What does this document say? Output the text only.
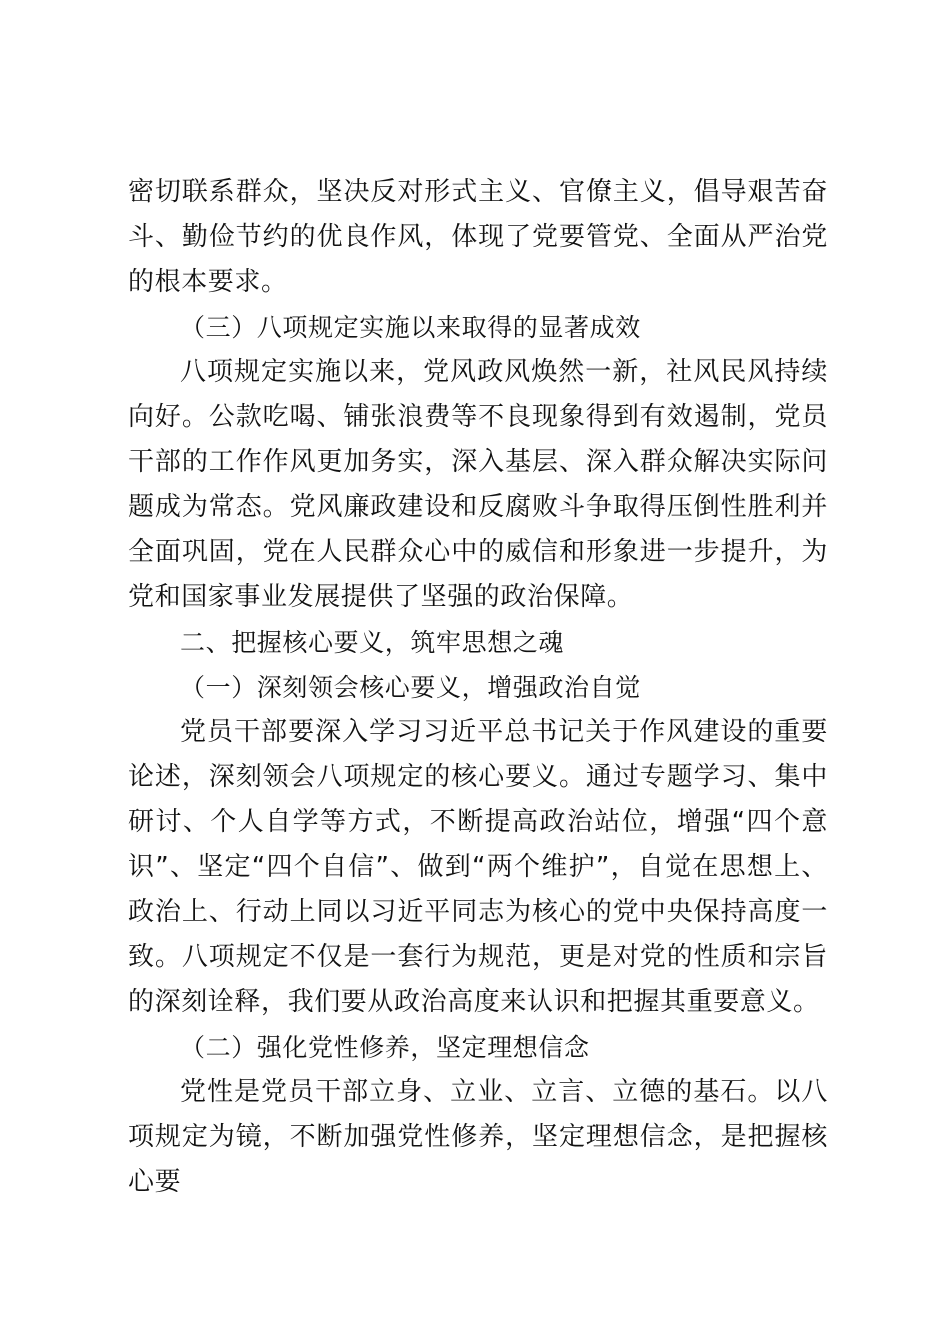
密切联系群众，坚决反对形式主义、官僚主义，倡导艰苦奋斗、勤俭节约的优良作风，体现了党要管党、全面从严治党的根本要求。

（三）八项规定实施以来取得的显著成效

八项规定实施以来，党风政风焕然一新，社风民风持续向好。公款吃喝、铺张浪费等不良现象得到有效遏制，党员干部的工作作风更加务实，深入基层、深入群众解决实际问题成为常态。党风廉政建设和反腐败斗争取得压倒性胜利并全面巩固，党在人民群众心中的威信和形象进一步提升，为党和国家事业发展提供了坚强的政治保障。

二、把握核心要义，筑牢思想之魂

（一）深刻领会核心要义，增强政治自觉

党员干部要深入学习习近平总书记关于作风建设的重要论述，深刻领会八项规定的核心要义。通过专题学习、集中研讨、个人自学等方式，不断提高政治站位，增强“四个意识”、坚定“四个自信”、做到“两个维护”，自觉在思想上、政治上、行动上同以习近平同志为核心的党中央保持高度一致。八项规定不仅是一套行为规范，更是对党的性质和宗旨的深刻诠释，我们要从政治高度来认识和把握其重要意义。

（二）强化党性修养，坚定理想信念

党性是党员干部立身、立业、立言、立德的基石。以八项规定为镜，不断加强党性修养，坚定理想信念，是把握核心要
